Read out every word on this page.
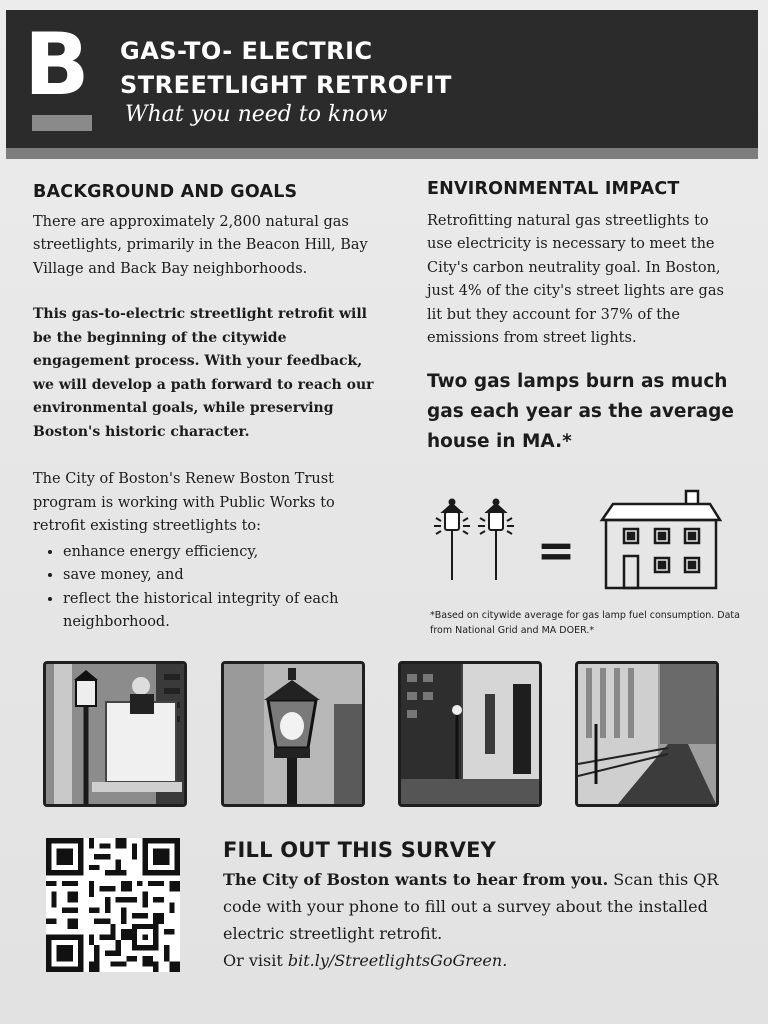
B GAS-TO- ELECTRIC
STREETLIGHT RETROFIT
What you need to know
BACKGROUND AND GOALS

There are approximately 2,800 natural gas streetlights, primarily in the Beacon Hill, Bay Village and Back Bay neighborhoods.

This gas-to-electric streetlight retrofit will be the beginning of the citywide engagement process. With your feedback, we will develop a path forward to reach our environmental goals, while preserving Boston's historic character.

The City of Boston's Renew Boston Trust program is working with Public Works to retrofit existing streetlights to:

• enhance energy efficiency,
• save money, and
• reflect the historical integrity of each neighborhood.
ENVIRONMENTAL IMPACT

Retrofitting natural gas streetlights to use electricity is necessary to meet the City's carbon neutrality goal. In Boston, just 4% of the city's street lights are gas lit but they account for 37% of the emissions from street lights.

Two gas lamps burn as much gas each year as the average house in MA.*

=
*Based on citywide average for gas lamp fuel consumption. Data from National Grid and MA DOER.*
FILL OUT THIS SURVEY

The City of Boston wants to hear from you. Scan this QR code with your phone to fill out a survey about the installed electric streetlight retrofit.
Or visit bit.ly/StreetlightsGoGreen.
